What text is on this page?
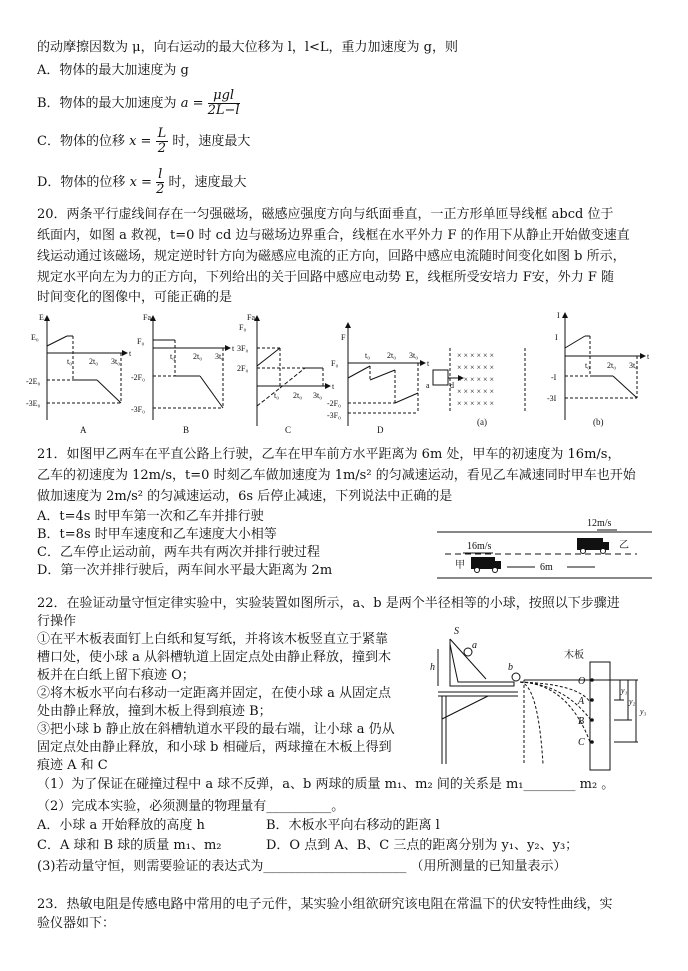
的动摩擦因数为 μ，向右运动的最大位移为 l，l<L，重力加速度为 g，则
A．物体的最大加速度为 g
B．物体的最大加速度为 $a = \frac{\text{μgl}}{2L-l}$
C．物体的位移 $x = \frac{L}{2}$ 时，速度最大
D．物体的位移 $x = \frac{l}{2}$ 时，速度最大
20．两条平行虚线间存在一匀强磁场，磁感应强度方向与纸面垂直，一正方形单匝导线框 abcd 位于
纸面内，如图 a 救视，t=0 时 cd 边与磁场边界重合，线框在水平外力 F 的作用下从静止开始做变速直
线运动通过该磁场，规定逆时针方向为磁感应电流的正方向，回路中感应电流随时间变化如图 b 所示，
规定水平向左为力的正方向，下列给出的关于回路中感应电动势 E，线框所受安培力 F安，外力 F 随
时间变化的图像中，可能正确的是
× × × × × ×
× × × × × ×
× × × × × ×
× × × × × ×
× × × × × ×
E
t
E₀
-2E₀
-3E₀
t₀ 2t₀ 3t₀
Fa
t
F₀
-2F₀
-3F₀
t₀ 2t₀ 3t₀
Fa
t
F₀
3F₀
2F₀
t₀ 2t₀ 3t₀
F
t
F₀
-2F₀
-3F₀
t₀ 2t₀ 3t₀
I
t
I
-I
-3I
t₀ 2t₀ 3t₀
a	d
A	B	C	D
(a)	(b)
21．如图甲乙两车在平直公路上行驶，乙车在甲车前方水平距离为 6m 处，甲车的初速度为 16m/s，
乙车的初速度为 12m/s，t=0 时刻乙车做加速度为 1m/s² 的匀减速运动，看见乙车减速同时甲车也开始
做加速度为 2m/s² 的匀减速运动，6s 后停止减速，下列说法中正确的是
A．t=4s 时甲车第一次和乙车并排行驶
B．t=8s 时甲车速度和乙车速度大小相等
C．乙车停止运动前，两车共有两次并排行驶过程
D．第一次并排行驶后，两车间水平最大距离为 2m
12m/s
16m/s	乙
甲	6m
22．在验证动量守恒定律实验中，实验装置如图所示，a、b 是两个半径相等的小球，按照以下步骤进
行操作
①在平木板表面钉上白纸和复写纸，并将该木板竖直立于紧靠
槽口处，使小球 a 从斜槽轨道上固定点处由静止释放，撞到木
板并在白纸上留下痕迹 O；
②将木板水平向右移动一定距离并固定，在使小球 a 从固定点
处由静止释放，撞到木板上得到痕迹 B；
③把小球 b 静止放在斜槽轨道水平段的最右端，让小球 a 仍从
固定点处由静止释放，和小球 b 相碰后，两球撞在木板上得到
痕迹 A 和 C
（1）为了保证在碰撞过程中 a 球不反弹，a、b 两球的质量 m₁、m₂ 间的关系是 m₁________ m₂ 。
（2）完成本实验，必须测量的物理量有__________。
A．小球 a 开始释放的高度 h	B．木板水平向右移动的距离 l
C．A 球和 B 球的质量 m₁、m₂	D．O 点到 A、B、C 三点的距离分别为 y₁、y₂、y₃；
(3)若动量守恒，则需要验证的表达式为______________________ （用所测量的已知量表示）
S
a
b
h
O
A
B
C
y₁
y₂
y₃
木板
23．热敏电阻是传感电路中常用的电子元件，某实验小组欲研究该电阻在常温下的伏安特性曲线，实
验仪器如下：
